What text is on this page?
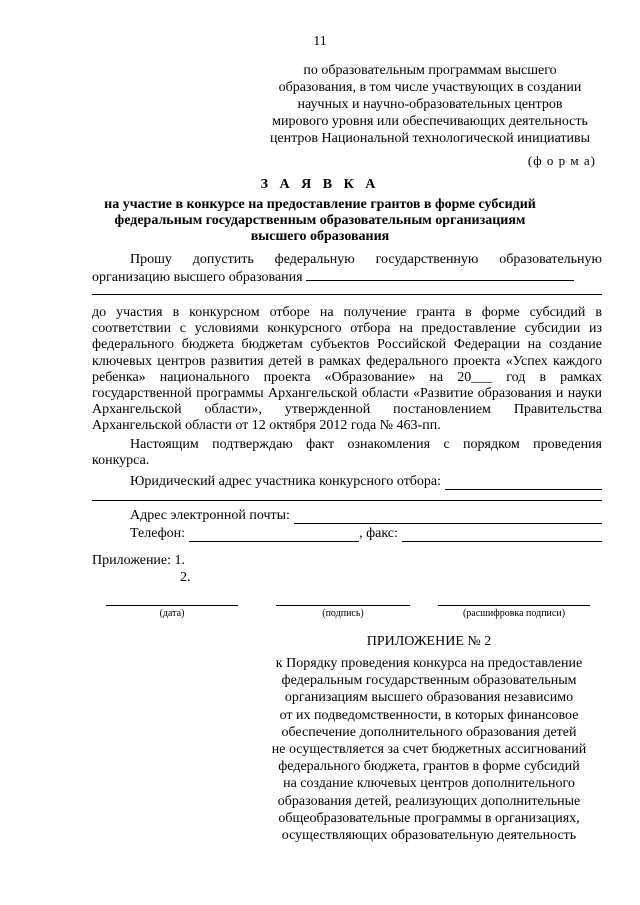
11
по образовательным программам высшего
образования, в том числе участвующих в создании
научных и научно-образовательных центров
мирового уровня или обеспечивающих деятельность
центров Национальной технологической инициативы
(ф о р м а)
З А Я В К А
на участие в конкурсе на предоставление грантов в форме субсидий
федеральным государственным образовательным организациям
высшего образования
Прошу допустить федеральную государственную образовательную организацию высшего образования
до участия в конкурсном отборе на получение гранта в форме субсидий в соответствии с условиями конкурсного отбора на предоставление субсидии из федерального бюджета бюджетам субъектов Российской Федерации на создание ключевых центров развития детей в рамках федерального проекта «Успех каждого ребенка» национального проекта «Образование» на 20___ год в рамках государственной программы Архангельской области «Развитие образования и науки Архангельской области», утвержденной постановлением Правительства Архангельской области от 12 октября 2012 года № 463-пп.
Настоящим подтверждаю факт ознакомления с порядком проведения конкурса.
Юридический адрес участника конкурсного отбора:
Адрес электронной почты:
Телефон:	, факс:
Приложение: 1.
2.
(дата)	(подпись)	(расшифровка подписи)
ПРИЛОЖЕНИЕ № 2
к Порядку проведения конкурса на предоставление
федеральным государственным образовательным
организациям высшего образования независимо
от их подведомственности, в которых финансовое
обеспечение дополнительного образования детей
не осуществляется за счет бюджетных ассигнований
федерального бюджета, грантов в форме субсидий
на создание ключевых центров дополнительного
образования детей, реализующих дополнительные
общеобразовательные программы в организациях,
осуществляющих образовательную деятельность
